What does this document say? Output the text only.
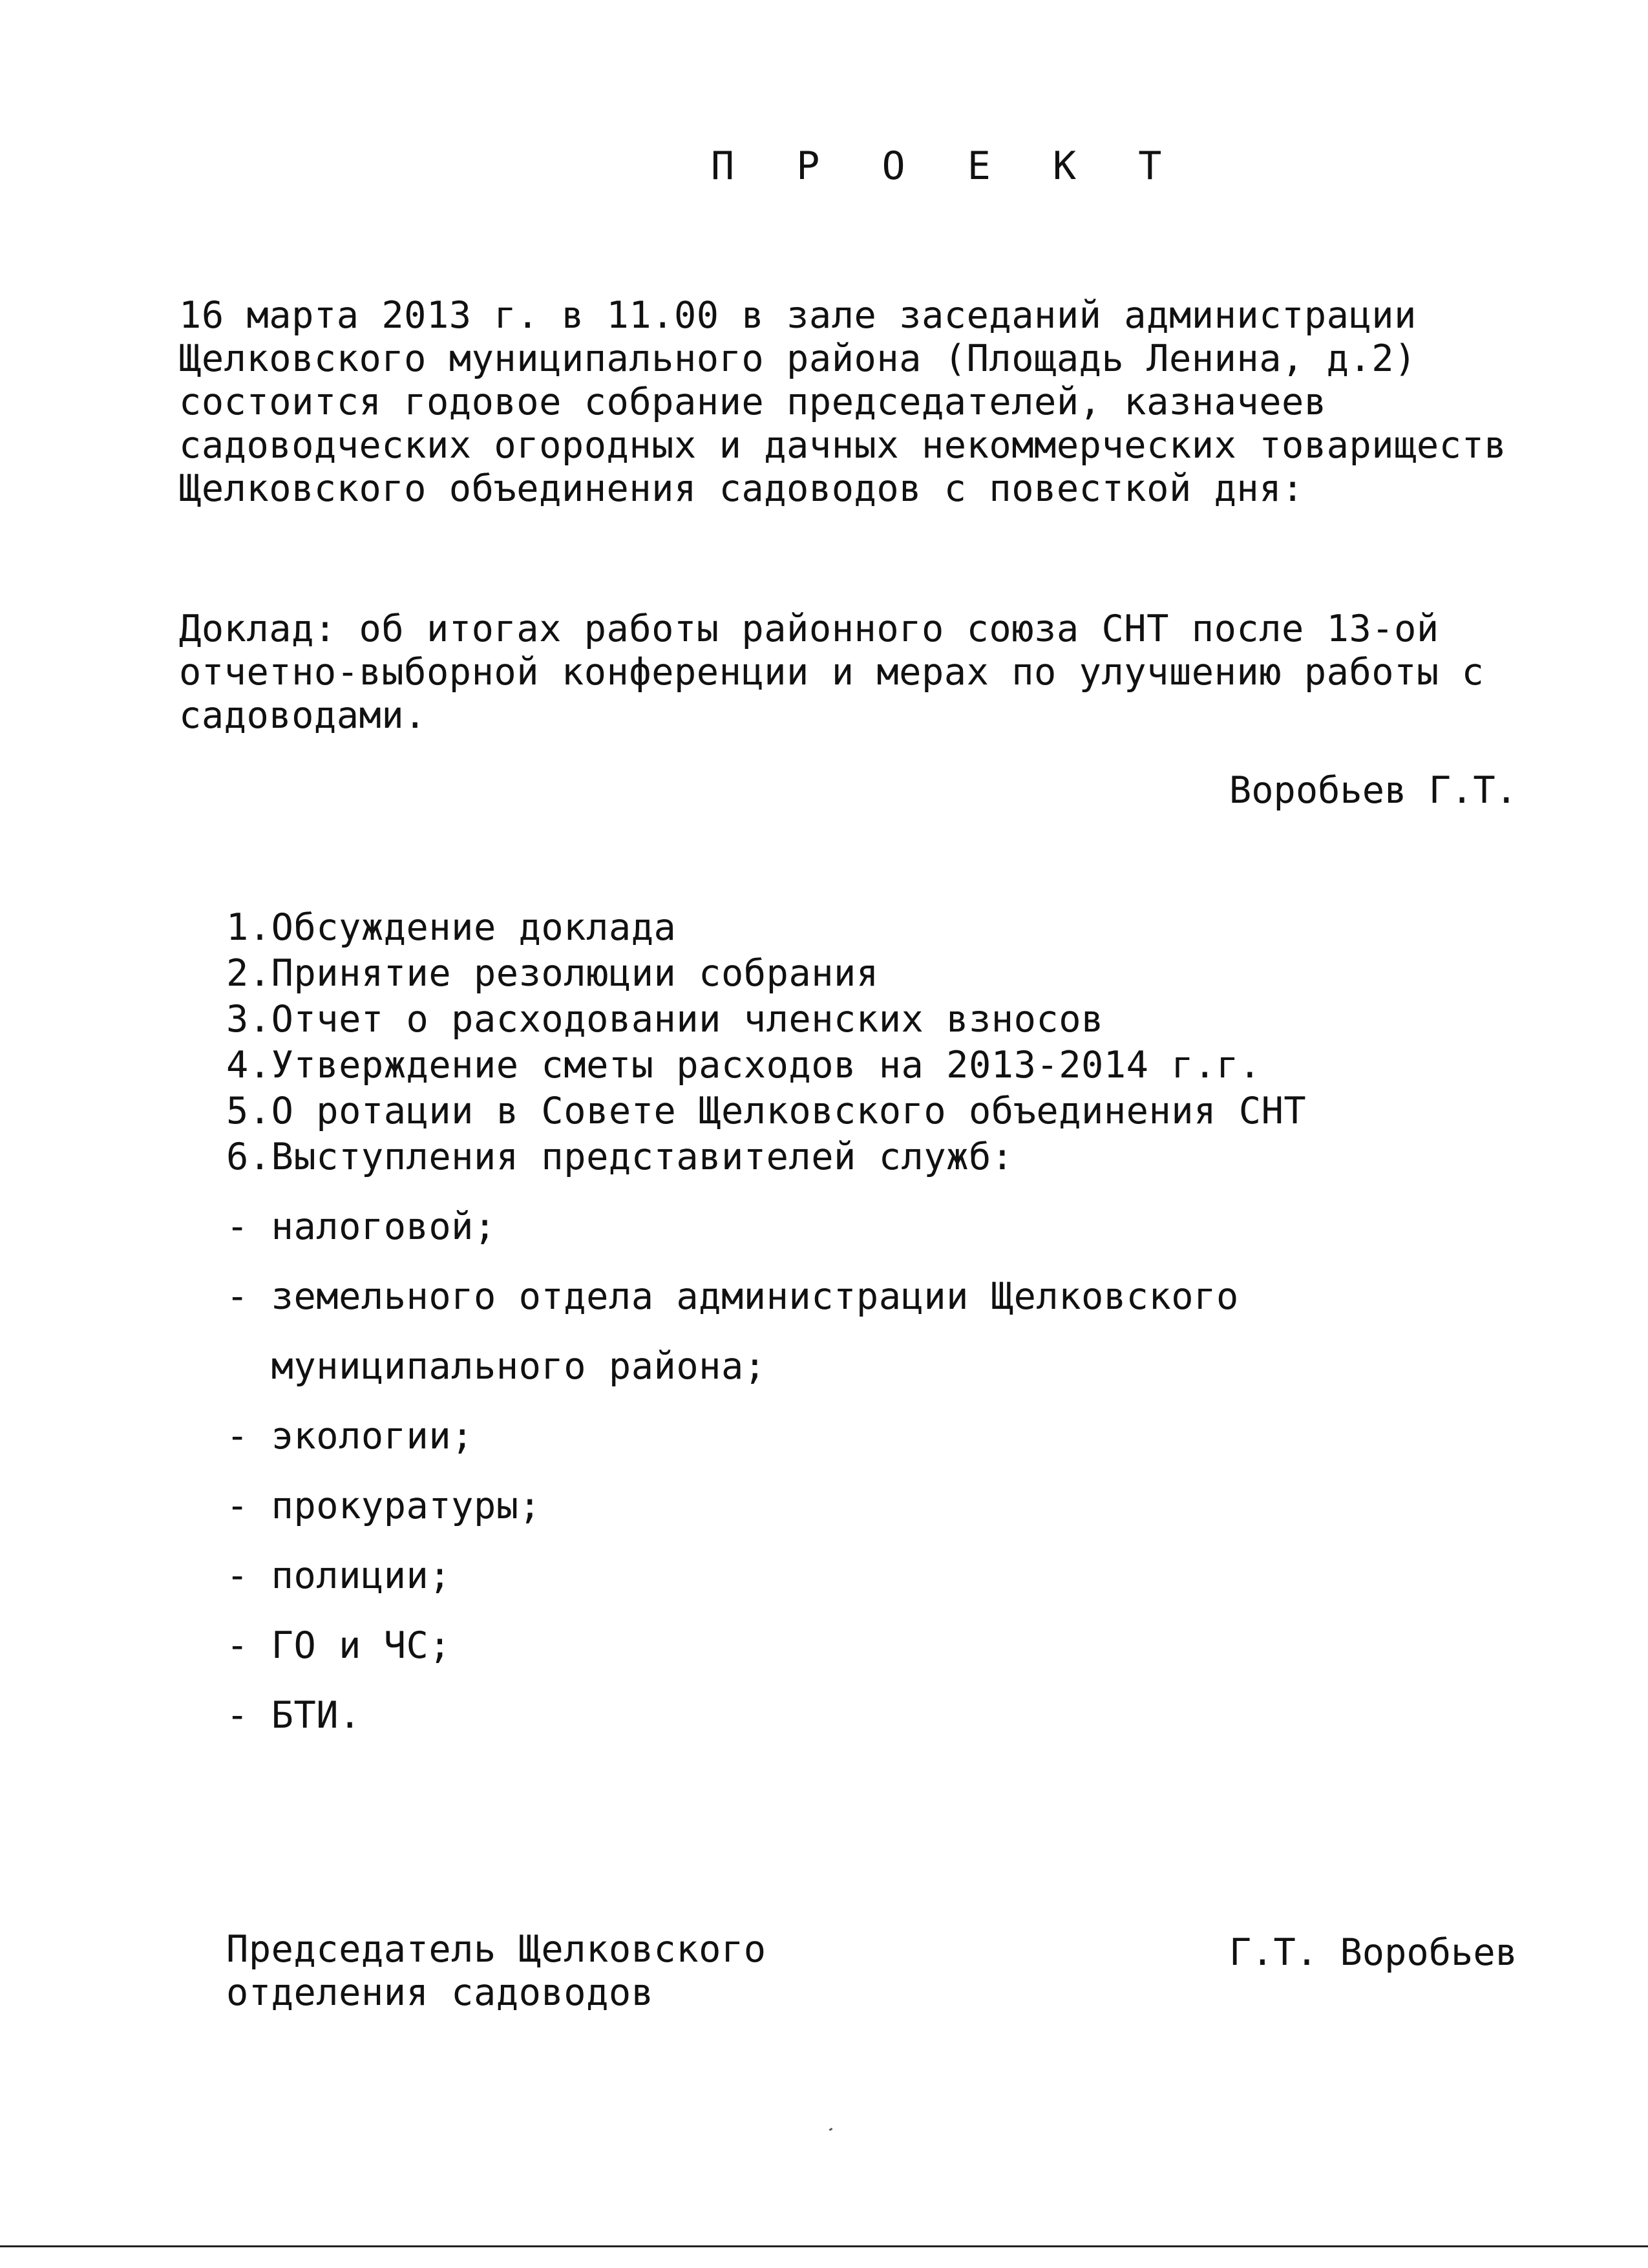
П Р О Е К Т
16 марта 2013 г. в 11.00 в зале заседаний администрации
Щелковского муниципального района (Площадь Ленина, д.2)
состоится годовое собрание председателей, казначеев
садоводческих огородных и дачных некоммерческих товариществ
Щелковского объединения садоводов с повесткой дня:
Доклад: об итогах работы районного союза СНТ после 13-ой
отчетно-выборной конференции и мерах по улучшению работы с
садоводами.
Воробьев Г.Т.
1.Обсуждение доклада
2.Принятие резолюции собрания
3.Отчет о расходовании членских взносов
4.Утверждение сметы расходов на 2013-2014 г.г.
5.О ротации в Совете Щелковского объединения СНТ
6.Выступления представителей служб:
- налоговой;
- земельного отдела администрации Щелковского
муниципального района;
- экологии;
- прокуратуры;
- полиции;
- ГО и ЧС;
- БТИ.
Председатель Щелковского
отделения садоводов
Г.Т. Воробьев
